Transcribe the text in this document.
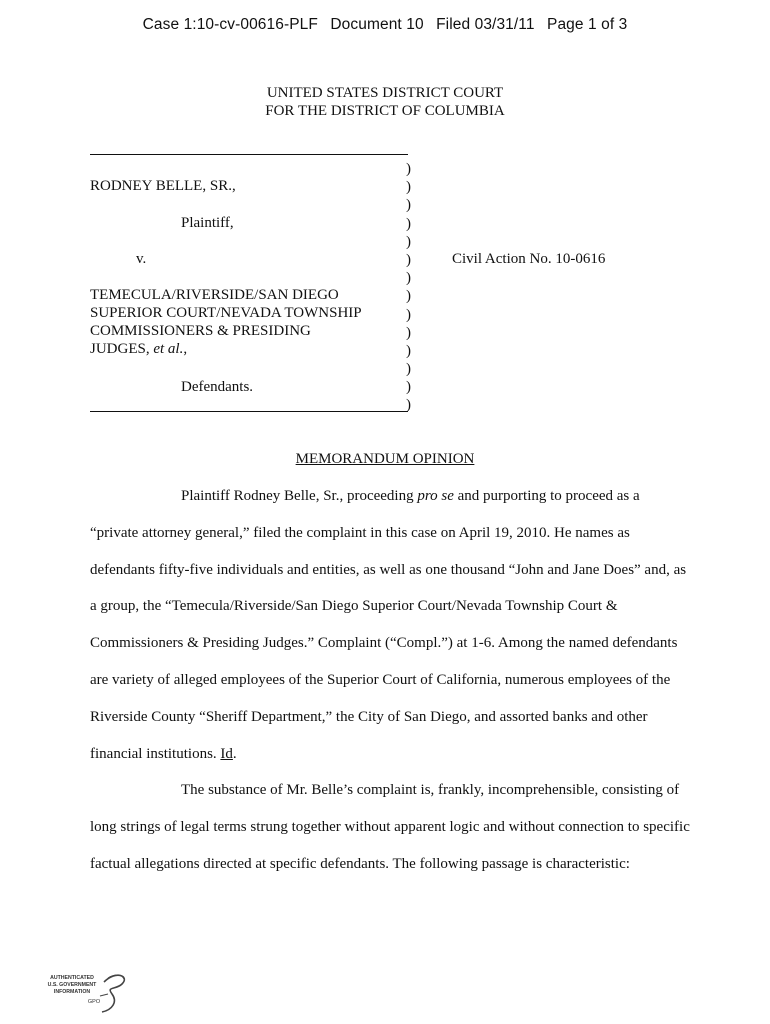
Case 1:10-cv-00616-PLF Document 10 Filed 03/31/11 Page 1 of 3
UNITED STATES DISTRICT COURT
FOR THE DISTRICT OF COLUMBIA
)
)
)
)
)
)
)
)
)
)
)
)
)
)
RODNEY BELLE, SR.,
Plaintiff,
v.	Civil Action No. 10-0616
TEMECULA/RIVERSIDE/SAN DIEGO
SUPERIOR COURT/NEVADA TOWNSHIP
COMMISSIONERS & PRESIDING
JUDGES, et al.,
Defendants.
MEMORANDUM OPINION

Plaintiff Rodney Belle, Sr., proceeding pro se and purporting to proceed as a “private attorney general,” filed the complaint in this case on April 19, 2010. He names as defendants fifty-five individuals and entities, as well as one thousand “John and Jane Does” and, as a group, the “Temecula/Riverside/San Diego Superior Court/Nevada Township Court & Commissioners & Presiding Judges.” Complaint (“Compl.”) at 1-6. Among the named defendants are variety of alleged employees of the Superior Court of California, numerous employees of the Riverside County “Sheriff Department,” the City of San Diego, and assorted banks and other financial institutions. Id.

The substance of Mr. Belle’s complaint is, frankly, incomprehensible, consisting of long strings of legal terms strung together without apparent logic and without connection to specific factual allegations directed at specific defendants. The following passage is characteristic:

AUTHENTICATED
U.S. GOVERNMENT
INFORMATION
GPO
